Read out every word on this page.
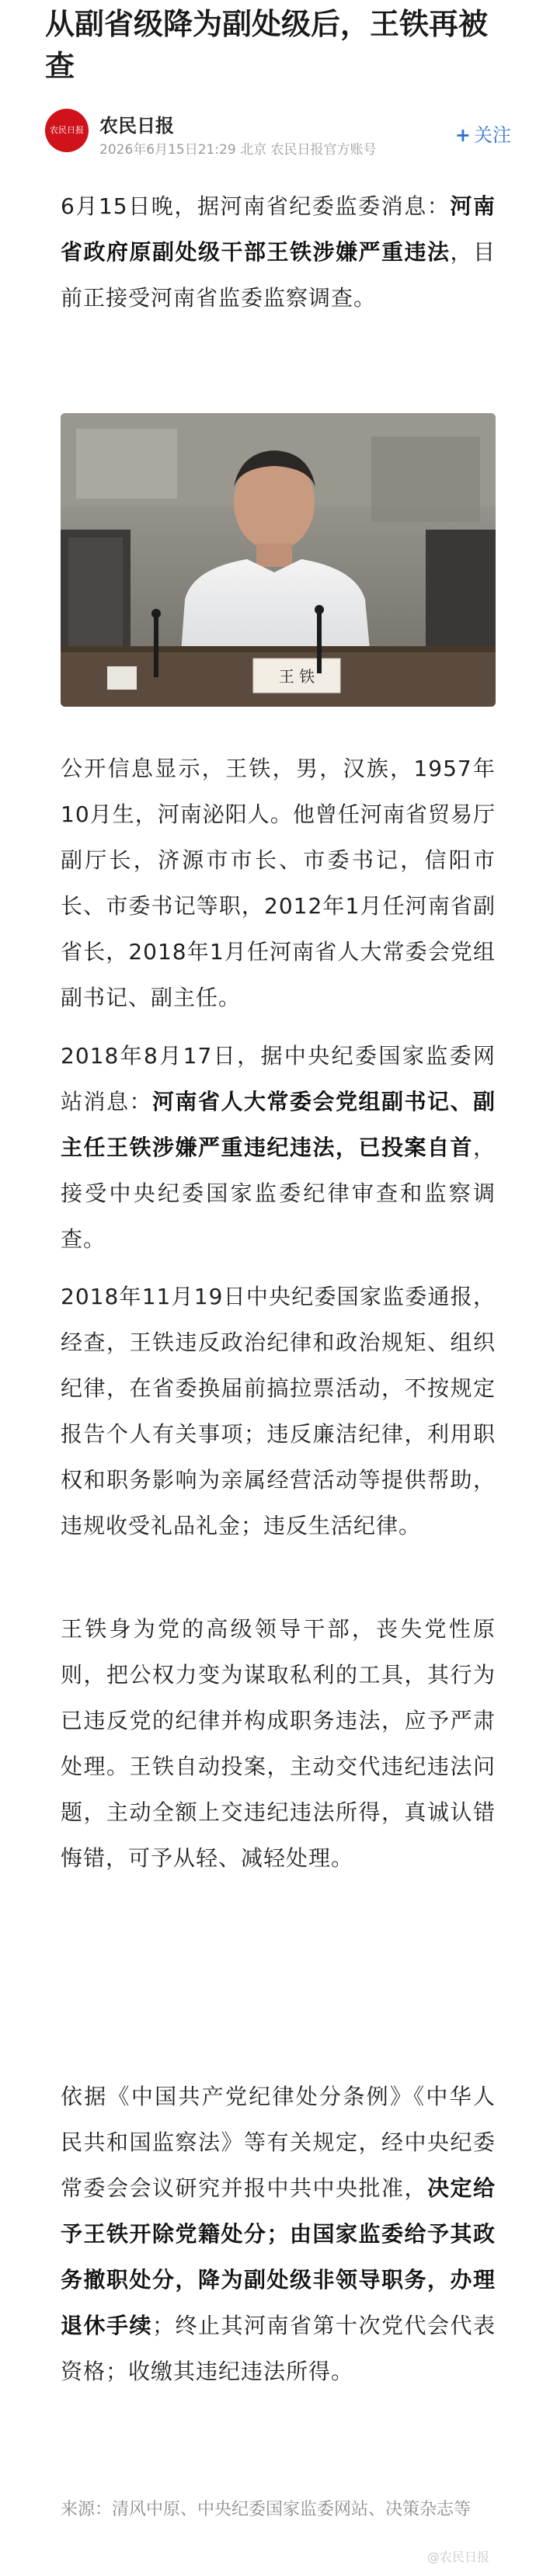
从副省级降为副处级后，王铁再被查
农民日报 农民日报
2026年6月15日21:29 北京 农民日报官方账号
+ 关注

6月15日晚，据河南省纪委监委消息：河南省政府原副处级干部王铁涉嫌严重违法，目前正接受河南省监委监察调查。

王 铁

公开信息显示，王铁，男，汉族，1957年10月生，河南泌阳人。他曾任河南省贸易厅副厅长，济源市市长、市委书记，信阳市长、市委书记等职，2012年1月任河南省副省长，2018年1月任河南省人大常委会党组副书记、副主任。

2018年8月17日，据中央纪委国家监委网站消息：河南省人大常委会党组副书记、副主任王铁涉嫌严重违纪违法，已投案自首，接受中央纪委国家监委纪律审查和监察调查。

2018年11月19日中央纪委国家监委通报，经查，王铁违反政治纪律和政治规矩、组织纪律，在省委换届前搞拉票活动，不按规定报告个人有关事项；违反廉洁纪律，利用职权和职务影响为亲属经营活动等提供帮助，违规收受礼品礼金；违反生活纪律。

王铁身为党的高级领导干部，丧失党性原则，把公权力变为谋取私利的工具，其行为已违反党的纪律并构成职务违法，应予严肃处理。王铁自动投案，主动交代违纪违法问题，主动全额上交违纪违法所得，真诚认错悔错，可予从轻、减轻处理。

依据《中国共产党纪律处分条例》《中华人民共和国监察法》等有关规定，经中央纪委常委会会议研究并报中共中央批准，决定给予王铁开除党籍处分；由国家监委给予其政务撤职处分，降为副处级非领导职务，办理退休手续；终止其河南省第十次党代会代表资格；收缴其违纪违法所得。

来源：清风中原、中央纪委国家监委网站、决策杂志等

@农民日报
